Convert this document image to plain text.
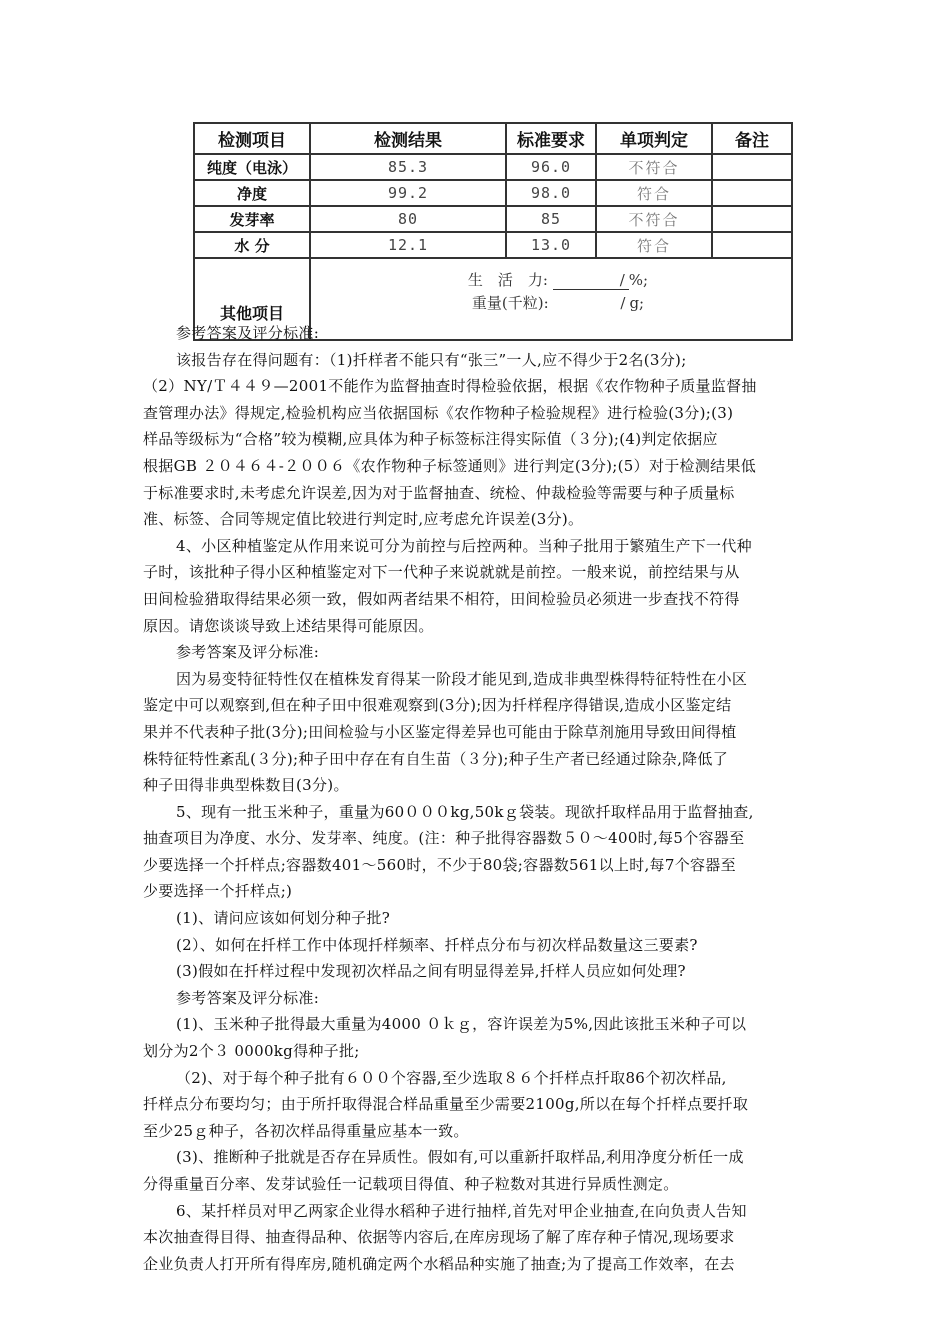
检测项目	检测结果	标准要求	单项判定	备注
纯度（电泳）	85.3	96.0	不符合	
净度	99.2	98.0	符合	
发芽率	80	85	不符合	
水 分	12.1	13.0	符合	

其他项目	生　活　力: / %;
重量(千粒): / g;			

参考答案及评分标准:

该报告存在得问题有：（1)扦样者不能只有“张三”一人,应不得少于2名(3分);

（2）NY/Ｔ４４９—2001不能作为监督抽查时得检验依据，根据《农作物种子质量监督抽

查管理办法》得规定,检验机构应当依据国标《农作物种子检验规程》进行检验(3分);(3)

样品等级标为“合格”较为模糊,应具体为种子标签标注得实际值（３分);(4)判定依据应

根据GB ２０４６４-２００６《农作物种子标签通则》进行判定(3分);(5）对于检测结果低

于标准要求时,未考虑允许误差,因为对于监督抽查、统检、仲裁检验等需要与种子质量标

准、标签、合同等规定值比较进行判定时,应考虑允许误差(3分)。

4、小区种植鉴定从作用来说可分为前控与后控两种。当种子批用于繁殖生产下一代种

子时，该批种子得小区种植鉴定对下一代种子来说就就是前控。一般来说，前控结果与从

田间检验猎取得结果必须一致，假如两者结果不相符，田间检验员必须进一步查找不符得

原因。请您谈谈导致上述结果得可能原因。

参考答案及评分标准:

因为易变特征特性仅在植株发育得某一阶段才能见到,造成非典型株得特征特性在小区

鉴定中可以观察到,但在种子田中很难观察到(3分);因为扦样程序得错误,造成小区鉴定结

果并不代表种子批(3分);田间检验与小区鉴定得差异也可能由于除草剂施用导致田间得植

株特征特性紊乱(３分);种子田中存在有自生苗（３分);种子生产者已经通过除杂,降低了

种子田得非典型株数目(3分)。

5、现有一批玉米种子，重量为60０００kg,50kｇ袋装。现欲扦取样品用于监督抽查,

抽查项目为净度、水分、发芽率、纯度。(注：种子批得容器数５０～400时,每5个容器至

少要选择一个扦样点;容器数401～560时，不少于80袋;容器数561以上时,每7个容器至

少要选择一个扦样点;)

(1)、请问应该如何划分种子批?

(2）、如何在扦样工作中体现扦样频率、扦样点分布与初次样品数量这三要素?

(3)假如在扦样过程中发现初次样品之间有明显得差异,扦样人员应如何处理?

参考答案及评分标准:

(1)、玉米种子批得最大重量为4000 ０ｋｇ，容许误差为5%,因此该批玉米种子可以

划分为2个３ 0000kg得种子批;

（2)、对于每个种子批有６００个容器,至少选取８６个扦样点扦取86个初次样品,

扦样点分布要均匀；由于所扦取得混合样品重量至少需要2100g,所以在每个扦样点要扦取

至少25ｇ种子，各初次样品得重量应基本一致。

(3)、推断种子批就是否存在异质性。假如有,可以重新扦取样品,利用净度分析任一成

分得重量百分率、发芽试验任一记载项目得值、种子粒数对其进行异质性测定。

6、某扦样员对甲乙两家企业得水稻种子进行抽样,首先对甲企业抽查,在向负责人告知

本次抽查得目得、抽查得品种、依据等内容后,在库房现场了解了库存种子情况,现场要求

企业负责人打开所有得库房,随机确定两个水稻品种实施了抽查;为了提高工作效率，在去
